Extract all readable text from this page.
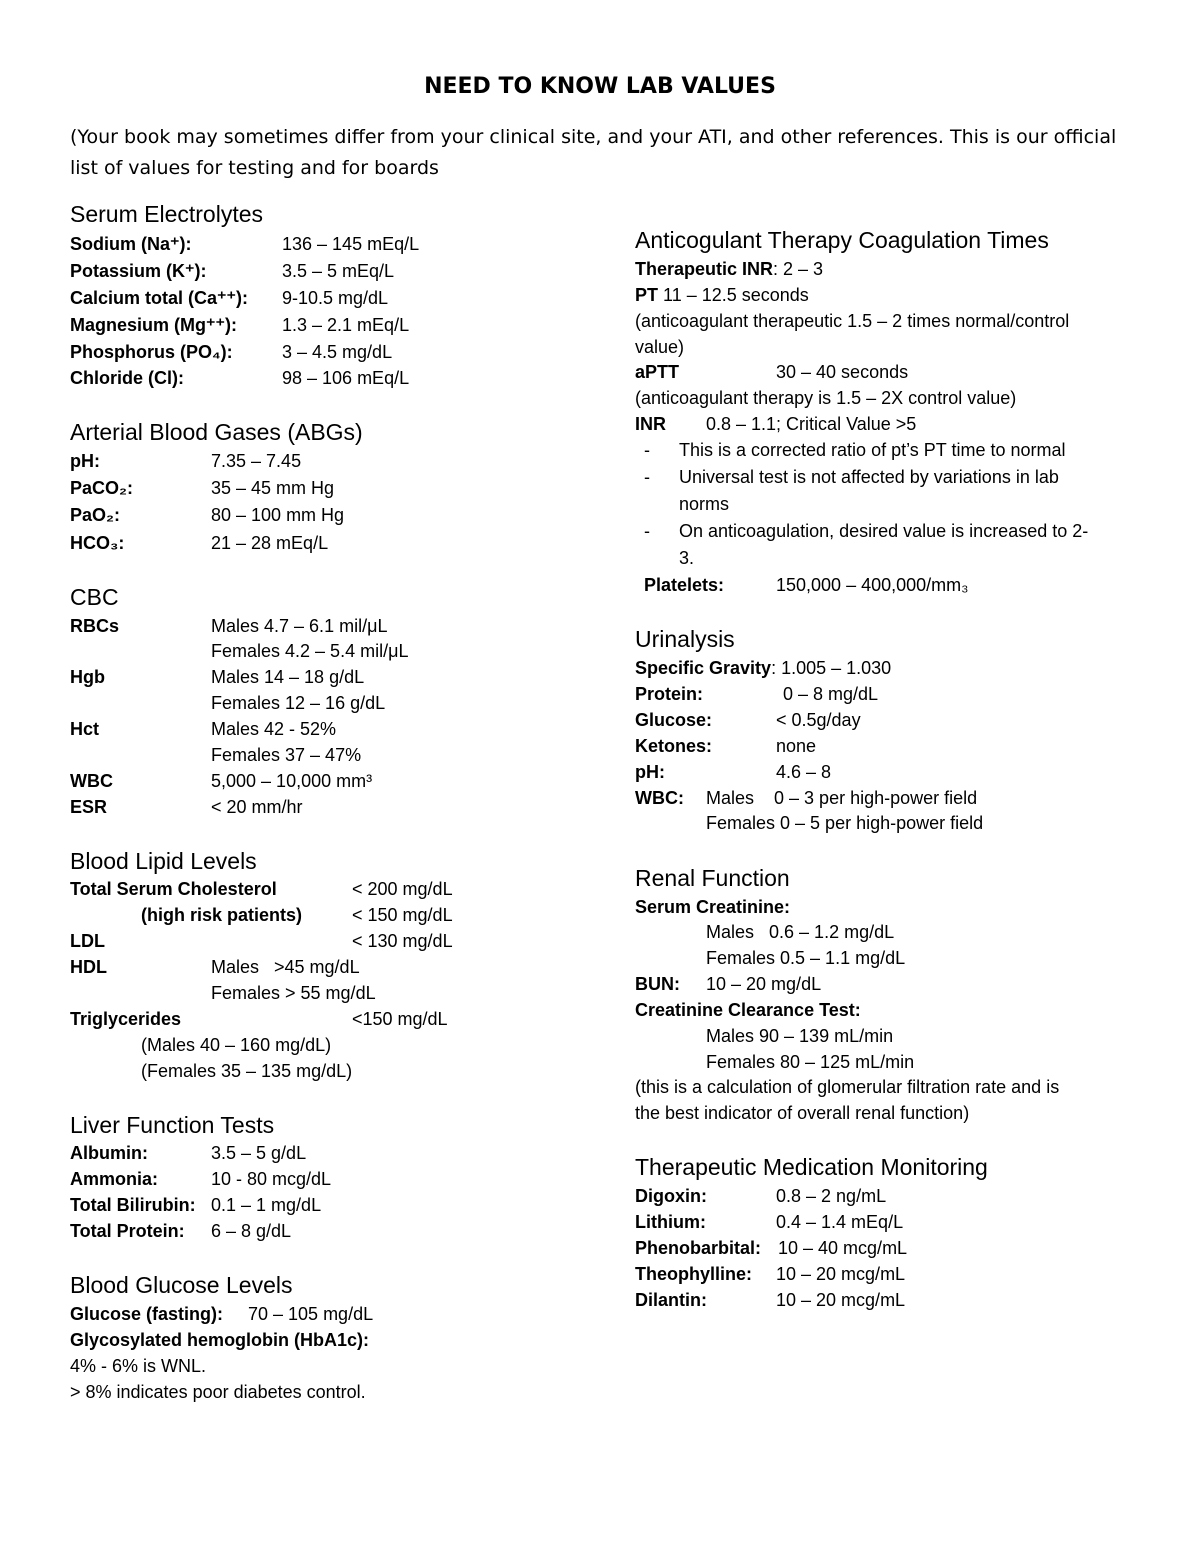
NEED TO KNOW LAB VALUES
(Your book may sometimes differ from your clinical site, and your ATI, and other references. This is our official
list of values for testing and for boards
Serum Electrolytes
Sodium (Na⁺):	136 – 145 mEq/L
Potassium (K⁺):	3.5 – 5 mEq/L
Calcium total (Ca⁺⁺): 9-10.5 mg/dL
Magnesium (Mg⁺⁺):	1.3 – 2.1 mEq/L
Phosphorus (PO₄):	3 – 4.5 mg/dL
Chloride (Cl):	98 – 106 mEq/L
Arterial Blood Gases (ABGs)
pH:	7.35 – 7.45
PaCO₂:	35 – 45 mm Hg
PaO₂:	80 – 100 mm Hg
HCO₃:	21 – 28 mEq/L
CBC
RBCs	Males 4.7 – 6.1 mil/μL
Females 4.2 – 5.4 mil/μL
Hgb	Males 14 – 18 g/dL
Females 12 – 16 g/dL
Hct	Males 42 - 52%
Females 37 – 47%
WBC	5,000 – 10,000 mm³
ESR	< 20 mm/hr
Blood Lipid Levels
Total Serum Cholesterol	< 200 mg/dL
(high risk patients)	< 150 mg/dL
LDL	< 130 mg/dL
HDL	Males   >45 mg/dL
Females > 55 mg/dL
Triglycerides	<150 mg/dL
(Males 40 – 160 mg/dL)
(Females 35 – 135 mg/dL)
Liver Function Tests
Albumin:	3.5 – 5 g/dL
Ammonia:	10 - 80 mcg/dL
Total Bilirubin: 0.1 – 1 mg/dL
Total Protein: 6 – 8 g/dL
Blood Glucose Levels
Glucose (fasting): 70 – 105 mg/dL
Glycosylated hemoglobin (HbA1c):
4% - 6% is WNL.
> 8% indicates poor diabetes control.
Anticogulant Therapy Coagulation Times
Therapeutic INR: 2 – 3
PT 11 – 12.5 seconds
(anticoagulant therapeutic 1.5 – 2 times normal/control
value)
aPTT	30 – 40 seconds
(anticoagulant therapy is 1.5 – 2X control value)
INR 0.8 – 1.1; Critical Value >5
- This is a corrected ratio of pt’s PT time to normal
- Universal test is not affected by variations in lab
norms
- On anticoagulation, desired value is increased to 2-
3.
Platelets:	150,000 – 400,000/mm₃
Urinalysis
Specific Gravity: 1.005 – 1.030
Protein:	0 – 8 mg/dL
Glucose:	< 0.5g/day
Ketones:	none
pH:	4.6 – 8
WBC: Males    0 – 3 per high-power field
Females 0 – 5 per high-power field
Renal Function
Serum Creatinine:
Males   0.6 – 1.2 mg/dL
Females 0.5 – 1.1 mg/dL
BUN: 10 – 20 mg/dL
Creatinine Clearance Test:
Males 90 – 139 mL/min
Females 80 – 125 mL/min
(this is a calculation of glomerular filtration rate and is
the best indicator of overall renal function)
Therapeutic Medication Monitoring
Digoxin:	0.8 – 2 ng/mL
Lithium:	0.4 – 1.4 mEq/L
Phenobarbital: 10 – 40 mcg/mL
Theophylline: 10 – 20 mcg/mL
Dilantin:	10 – 20 mcg/mL
